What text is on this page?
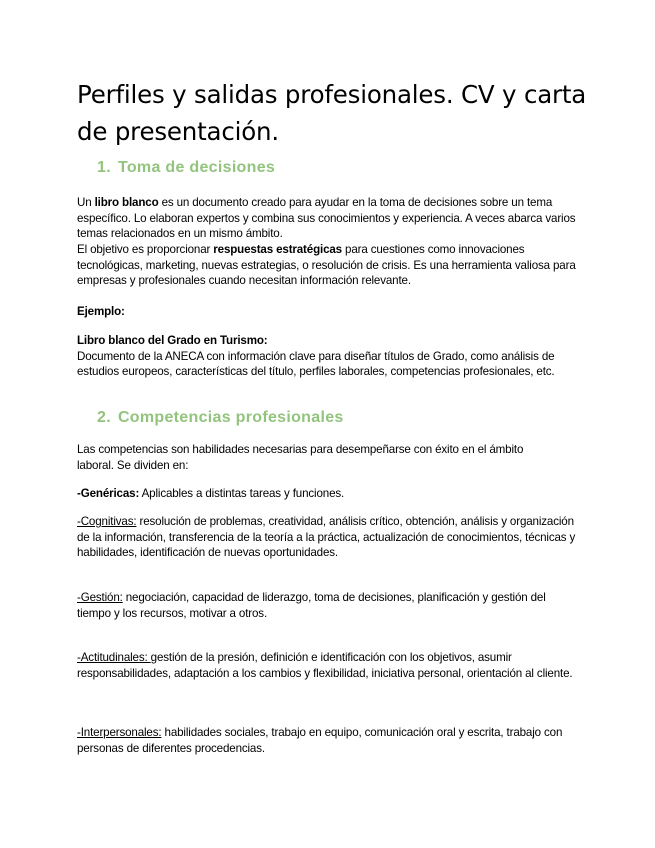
Perfiles y salidas profesionales. CV y carta de presentación.
1. Toma de decisiones

Un libro blanco es un documento creado para ayudar en la toma de decisiones sobre un tema específico. Lo elaboran expertos y combina sus conocimientos y experiencia. A veces abarca varios temas relacionados en un mismo ámbito.

El objetivo es proporcionar respuestas estratégicas para cuestiones como innovaciones tecnológicas, marketing, nuevas estrategias, o resolución de crisis. Es una herramienta valiosa para empresas y profesionales cuando necesitan información relevante.

Ejemplo:

Libro blanco del Grado en Turismo:
Documento de la ANECA con información clave para diseñar títulos de Grado, como análisis de estudios europeos, características del título, perfiles laborales, competencias profesionales, etc.

2. Competencias profesionales

Las competencias son habilidades necesarias para desempeñarse con éxito en el ámbito laboral. Se dividen en:

-Genéricas: Aplicables a distintas tareas y funciones.

-Cognitivas: resolución de problemas, creatividad, análisis crítico, obtención, análisis y organización de la información, transferencia de la teoría a la práctica, actualización de conocimientos, técnicas y habilidades, identificación de nuevas oportunidades.

-Gestión: negociación, capacidad de liderazgo, toma de decisiones, planificación y gestión del tiempo y los recursos, motivar a otros.

-Actitudinales: gestión de la presión, definición e identificación con los objetivos, asumir responsabilidades, adaptación a los cambios y flexibilidad, iniciativa personal, orientación al cliente.

-Interpersonales: habilidades sociales, trabajo en equipo, comunicación oral y escrita, trabajo con personas de diferentes procedencias.
